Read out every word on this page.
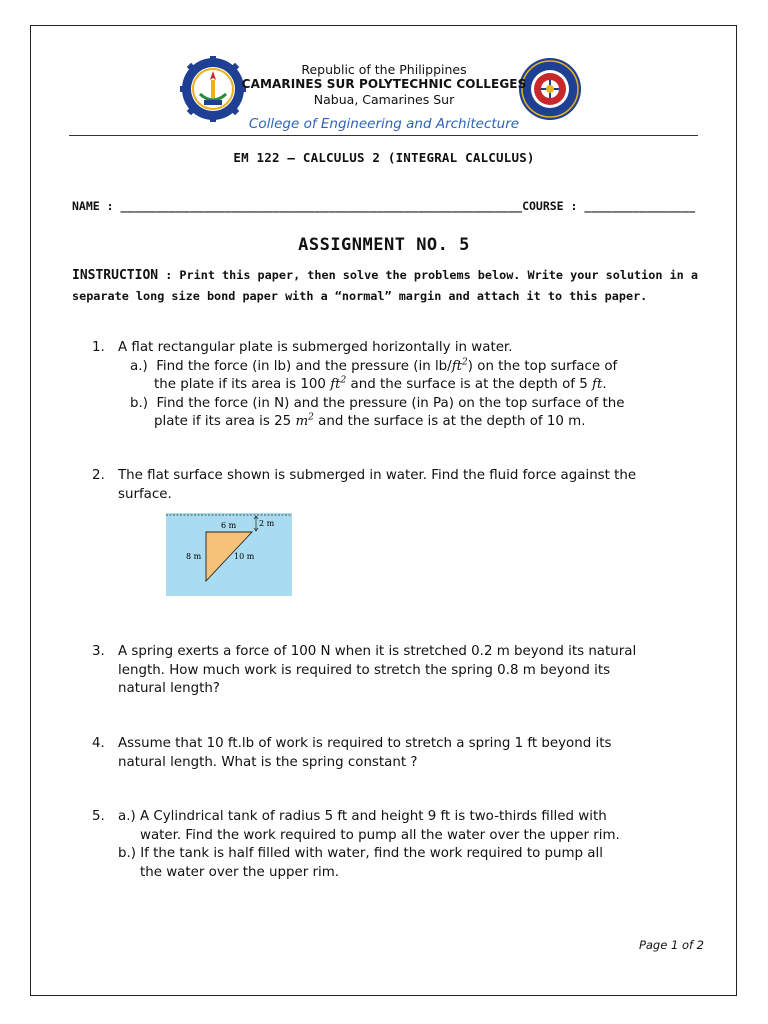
Republic of the Philippines
CAMARINES SUR POLYTECHNIC COLLEGES
Nabua, Camarines Sur
College of Engineering and Architecture
EM 122 – CALCULUS 2 (INTEGRAL CALCULUS)
NAME : __________________________________________________________COURSE : ________________
ASSIGNMENT NO. 5
INSTRUCTION : Print this paper, then solve the problems below. Write your solution in a separate long size bond paper with a “normal” margin and attach it to this paper.
1. A flat rectangular plate is submerged horizontally in water.
a.) Find the force (in lb) and the pressure (in $lb/ft^2$) on the top surface of
the plate if its area is 100 $ft^2$ and the surface is at the depth of 5 ft.
b.) Find the force (in N) and the pressure (in Pa) on the top surface of the
plate if its area is 25 $m^2$ and the surface is at the depth of 10 m.
2. The flat surface shown is submerged in water. Find the fluid force against the
surface.
6 m	2 m
8 m	10 m
3. A spring exerts a force of 100 N when it is stretched 0.2 m beyond its natural
length. How much work is required to stretch the spring 0.8 m beyond its
natural length?
4. Assume that 10 ft.lb of work is required to stretch a spring 1 ft beyond its
natural length. What is the spring constant ?
5. a.) A Cylindrical tank of radius 5 ft and height 9 ft is two-thirds filled with
water. Find the work required to pump all the water over the upper rim.
b.) If the tank is half filled with water, find the work required to pump all
the water over the upper rim.
Page 1 of 2
